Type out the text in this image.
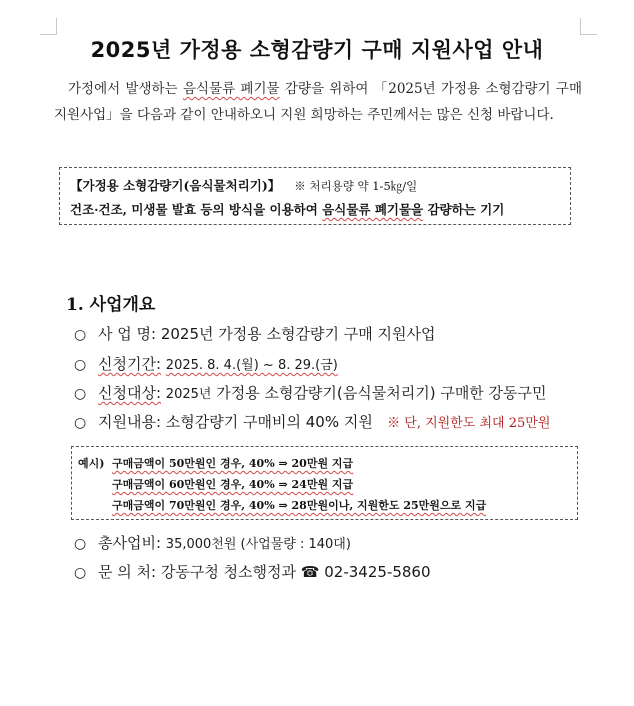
2025년 가정용 소형감량기 구매 지원사업 안내
가정에서 발생하는 음식물류 폐기물 감량을 위하여 「2025년 가정용 소형감량기 구매 지원사업」을 다음과 같이 안내하오니 지원 희망하는 주민께서는 많은 신청 바랍니다.
【가정용 소형감량기(음식물처리기)】 ※ 처리용량 약 1-5㎏/일
건조·건조, 미생물 발효 등의 방식을 이용하여 음식물류 폐기물을 감량하는 기기
1. 사업개요
○ 사 업 명: 2025년 가정용 소형감량기 구매 지원사업
○ 신청기간: 2025. 8. 4.(월) ~ 8. 29.(금)
○ 신청대상: 2025년 가정용 소형감량기(음식물처리기) 구매한 강동구민
○ 지원내용: 소형감량기 구매비의 40% 지원 ※ 단, 지원한도 최대 25만원
예시) 구매금액이 50만원인 경우, 40% ⇒ 20만원 지급
구매금액이 60만원인 경우, 40% ⇒ 24만원 지급
구매금액이 70만원인 경우, 40% ⇒ 28만원이나, 지원한도 25만원으로 지급
○ 총사업비: 35,000천원 (사업물량 : 140대)
○ 문 의 처: 강동구청 청소행정과 ☎ 02-3425-5860
